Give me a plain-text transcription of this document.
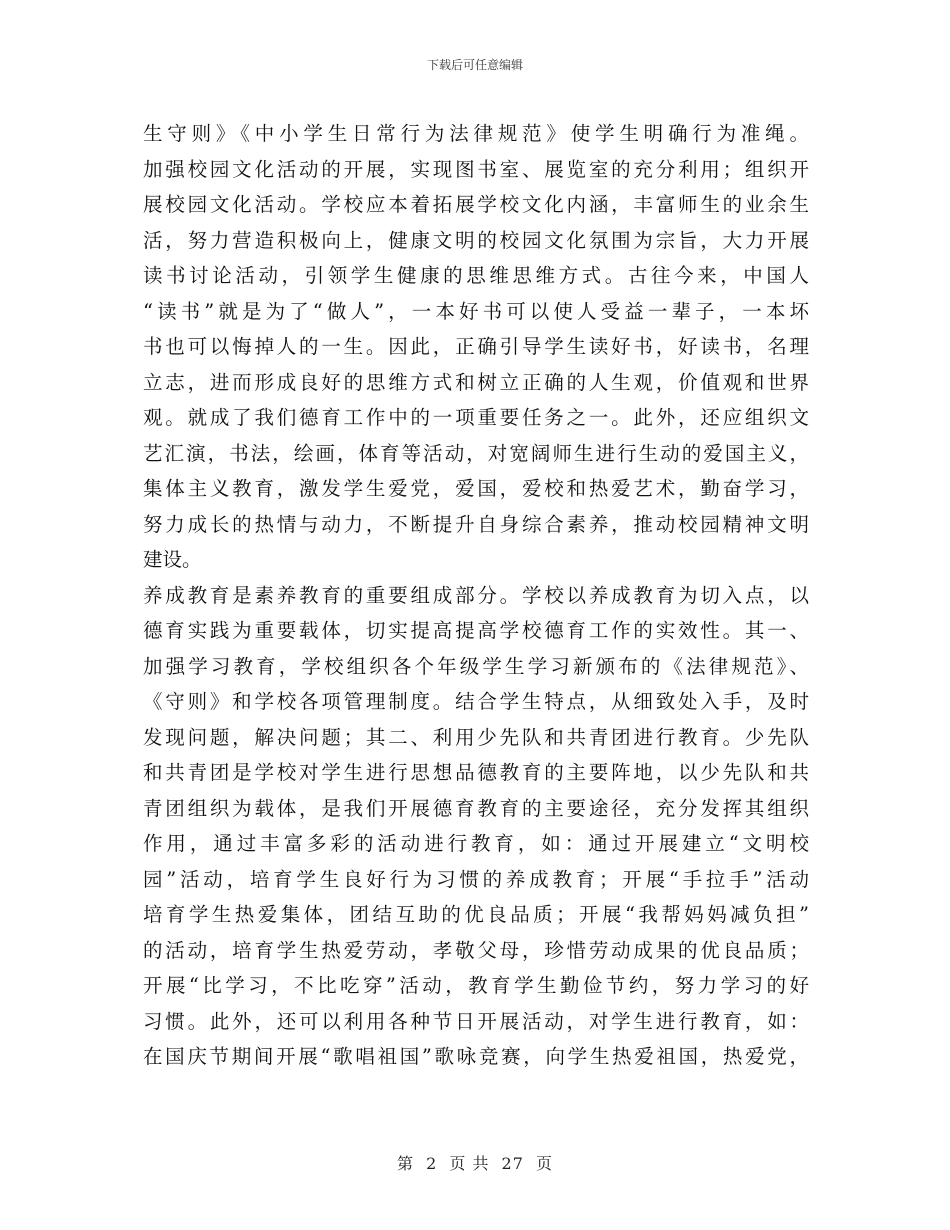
下载后可任意编辑
生守则》《中小学生日常行为法律规范》使学生明确行为准绳。
加强校园文化活动的开展，实现图书室、展览室的充分利用；组织开
展校园文化活动。学校应本着拓展学校文化内涵，丰富师生的业余生
活，努力营造积极向上，健康文明的校园文化氛围为宗旨，大力开展
读书讨论活动，引领学生健康的思维思维方式。古往今来，中国人
“读书”就是为了“做人”，一本好书可以使人受益一辈子，一本坏
书也可以悔掉人的一生。因此，正确引导学生读好书，好读书，名理
立志，进而形成良好的思维方式和树立正确的人生观，价值观和世界
观。就成了我们德育工作中的一项重要任务之一。此外，还应组织文
艺汇演，书法，绘画，体育等活动，对宽阔师生进行生动的爱国主义，
集体主义教育，激发学生爱党，爱国，爱校和热爱艺术，勤奋学习，
努力成长的热情与动力，不断提升自身综合素养，推动校园精神文明
建设。
养成教育是素养教育的重要组成部分。学校以养成教育为切入点，以
德育实践为重要载体，切实提高提高学校德育工作的实效性。其一、
加强学习教育，学校组织各个年级学生学习新颁布的《法律规范》、
《守则》和学校各项管理制度。结合学生特点，从细致处入手，及时
发现问题，解决问题；其二、利用少先队和共青团进行教育。少先队
和共青团是学校对学生进行思想品德教育的主要阵地，以少先队和共
青团组织为载体，是我们开展德育教育的主要途径，充分发挥其组织
作用，通过丰富多彩的活动进行教育，如：通过开展建立“文明校
园”活动，培育学生良好行为习惯的养成教育；开展“手拉手”活动
培育学生热爱集体，团结互助的优良品质；开展“我帮妈妈减负担”
的活动，培育学生热爱劳动，孝敬父母，珍惜劳动成果的优良品质；
开展“比学习，不比吃穿”活动，教育学生勤俭节约，努力学习的好
习惯。此外，还可以利用各种节日开展活动，对学生进行教育，如：
在国庆节期间开展“歌唱祖国”歌咏竞赛，向学生热爱祖国，热爱党，
第 2 页 共 27 页
